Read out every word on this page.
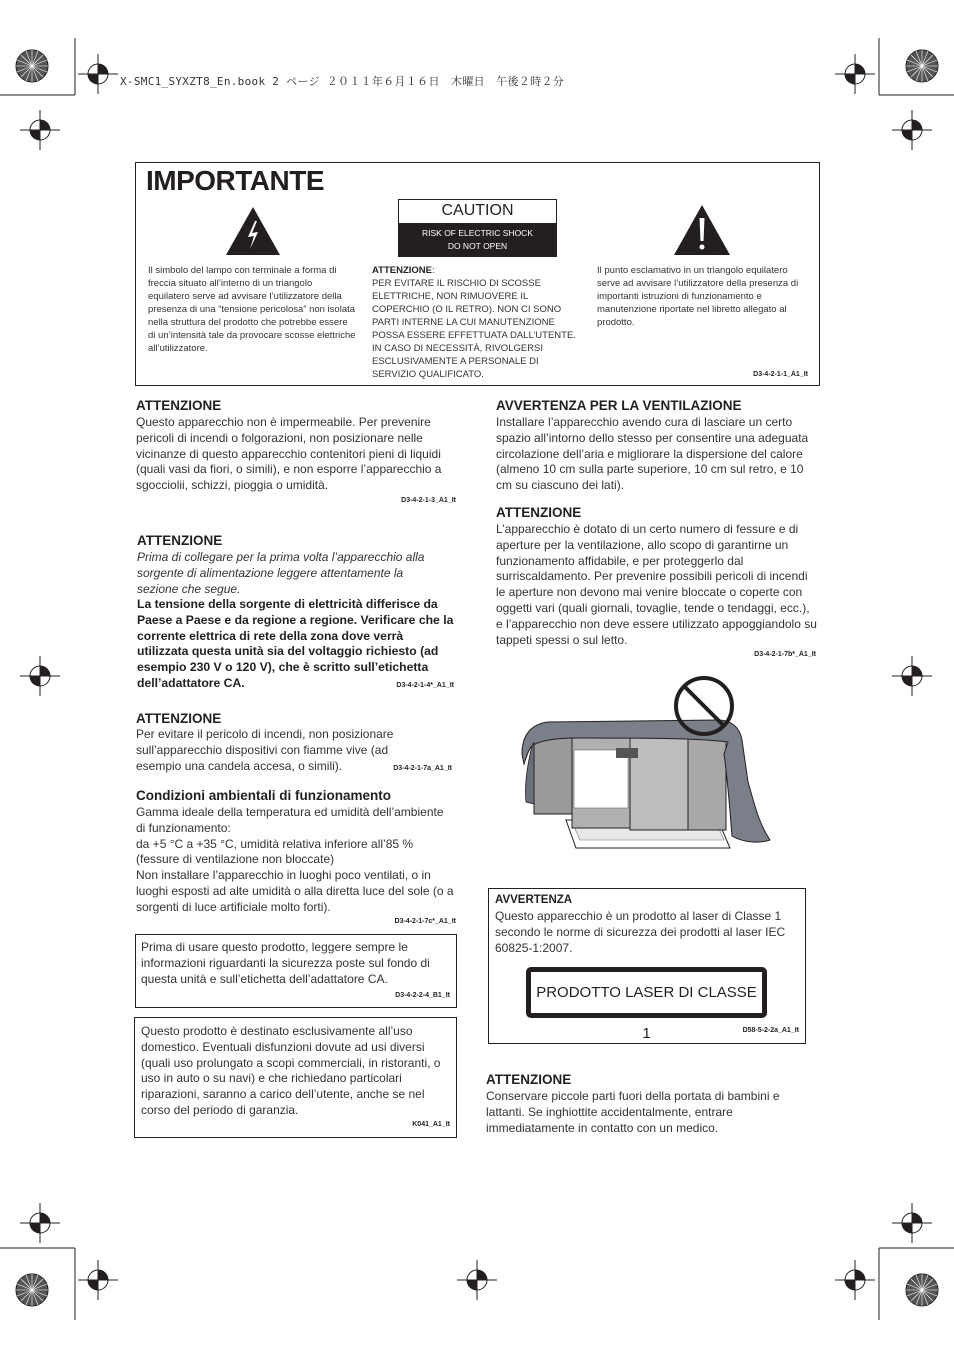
X-SMC1_SYXZT8_En.book 2 ページ ２０１１年６月１６日　木曜日　午後２時２分
IMPORTANTE
Il simbolo del lampo con terminale a forma di freccia situato all’interno di un triangolo equilatero serve ad avvisare l’utilizzatore della presenza di una “tensione pericolosa” non isolata nella struttura del prodotto che potrebbe essere di un’intensità tale da provocare scosse elettriche all’utilizzatore.
CAUTION
RISK OF ELECTRIC SHOCK
DO NOT OPEN
ATTENZIONE:
PER EVITARE IL RISCHIO DI SCOSSE ELETTRICHE, NON RIMUOVERE IL COPERCHIO (O IL RETRO). NON CI SONO PARTI INTERNE LA CUI MANUTENZIONE POSSA ESSERE EFFETTUATA DALL’UTENTE. IN CASO DI NECESSITÀ, RIVOLGERSI ESCLUSIVAMENTE A PERSONALE DI SERVIZIO QUALIFICATO.
Il punto esclamativo in un triangolo equilatero serve ad avvisare l’utilizzatore della presenza di importanti istruzioni di funzionamento e manutenzione riportate nel libretto allegato al prodotto.
D3-4-2-1-1_A1_It
ATTENZIONE
Questo apparecchio non è impermeabile. Per prevenire pericoli di incendi o folgorazioni, non posizionare nelle vicinanze di questo apparecchio contenitori pieni di liquidi (quali vasi da fiori, o simili), e non esporre l’apparecchio a sgocciolii, schizzi, pioggia o umidità.
D3-4-2-1-3_A1_It
ATTENZIONE
Prima di collegare per la prima volta l’apparecchio alla sorgente di alimentazione leggere attentamente la sezione che segue.
La tensione della sorgente di elettricità differisce da Paese a Paese e da regione a regione. Verificare che la corrente elettrica di rete della zona dove verrà utilizzata questa unità sia del voltaggio richiesto (ad esempio 230 V o 120 V), che è scritto sull’etichetta dell’adattatore CA.	D3-4-2-1-4*_A1_It
ATTENZIONE
Per evitare il pericolo di incendi, non posizionare sull’apparecchio dispositivi con fiamme vive (ad esempio una candela accesa, o simili).	D3-4-2-1-7a_A1_It
Condizioni ambientali di funzionamento
Gamma ideale della temperatura ed umidità dell’ambiente di funzionamento:
da +5 °C a +35 °C, umidità relativa inferiore all’85 % (fessure di ventilazione non bloccate)
Non installare l’apparecchio in luoghi poco ventilati, o in luoghi esposti ad alte umidità o alla diretta luce del sole (o a sorgenti di luce artificiale molto forti).
D3-4-2-1-7c*_A1_It
Prima di usare questo prodotto, leggere sempre le informazioni riguardanti la sicurezza poste sul fondo di questa unità e sull’etichetta dell’adattatore CA.
D3-4-2-2-4_B1_It
Questo prodotto è destinato esclusivamente all’uso domestico. Eventuali disfunzioni dovute ad usi diversi (quali uso prolungato a scopi commerciali, in ristoranti, o uso in auto o su navi) e che richiedano particolari riparazioni, saranno a carico dell’utente, anche se nel corso del periodo di garanzia.
K041_A1_It
AVVERTENZA PER LA VENTILAZIONE
Installare l’apparecchio avendo cura di lasciare un certo spazio all’intorno dello stesso per consentire una adeguata circolazione dell’aria e migliorare la dispersione del calore (almeno 10 cm sulla parte superiore, 10 cm sul retro, e 10 cm su ciascuno dei lati).
ATTENZIONE
L’apparecchio è dotato di un certo numero di fessure e di aperture per la ventilazione, allo scopo di garantirne un funzionamento affidabile, e per proteggerlo dal surriscaldamento. Per prevenire possibili pericoli di incendi le aperture non devono mai venire bloccate o coperte con oggetti vari (quali giornali, tovaglie, tende o tendaggi, ecc.), e l’apparecchio non deve essere utilizzato appoggiandolo su tappeti spessi o sul letto.
D3-4-2-1-7b*_A1_It
AVVERTENZA
Questo apparecchio è un prodotto al laser di Classe 1 secondo le norme di sicurezza dei prodotti al laser IEC 60825-1:2007.
PRODOTTO LASER DI CLASSE 1	D58-5-2-2a_A1_It
ATTENZIONE
Conservare piccole parti fuori della portata di bambini e lattanti. Se inghiottite accidentalmente, entrare immediatamente in contatto con un medico.
